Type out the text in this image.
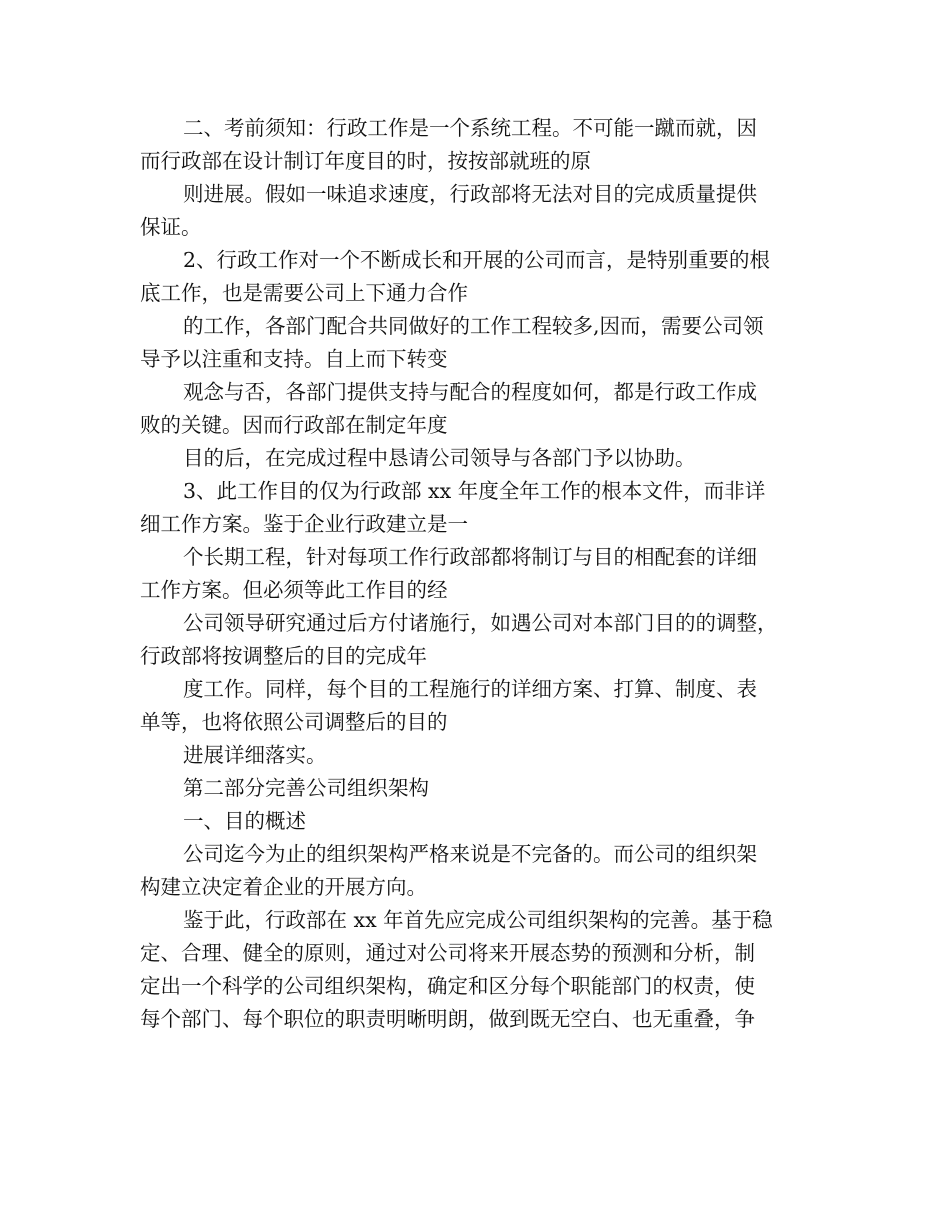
二、考前须知：行政工作是一个系统工程。不可能一蹴而就，因
而行政部在设计制订年度目的时，按按部就班的原
则进展。假如一味追求速度，行政部将无法对目的完成质量提供
保证。
2、行政工作对一个不断成长和开展的公司而言，是特别重要的根
底工作，也是需要公司上下通力合作
的工作，各部门配合共同做好的工作工程较多,因而，需要公司领
导予以注重和支持。自上而下转变
观念与否，各部门提供支持与配合的程度如何，都是行政工作成
败的关键。因而行政部在制定年度
目的后，在完成过程中恳请公司领导与各部门予以协助。
3、此工作目的仅为行政部 xx 年度全年工作的根本文件，而非详
细工作方案。鉴于企业行政建立是一
个长期工程，针对每项工作行政部都将制订与目的相配套的详细
工作方案。但必须等此工作目的经
公司领导研究通过后方付诸施行，如遇公司对本部门目的的调整，
行政部将按调整后的目的完成年
度工作。同样，每个目的工程施行的详细方案、打算、制度、表
单等，也将依照公司调整后的目的
进展详细落实。
第二部分完善公司组织架构
一、目的概述
公司迄今为止的组织架构严格来说是不完备的。而公司的组织架
构建立决定着企业的开展方向。
鉴于此，行政部在 xx 年首先应完成公司组织架构的完善。基于稳
定、合理、健全的原则，通过对公司将来开展态势的预测和分析，制
定出一个科学的公司组织架构，确定和区分每个职能部门的权责，使
每个部门、每个职位的职责明晰明朗，做到既无空白、也无重叠，争
